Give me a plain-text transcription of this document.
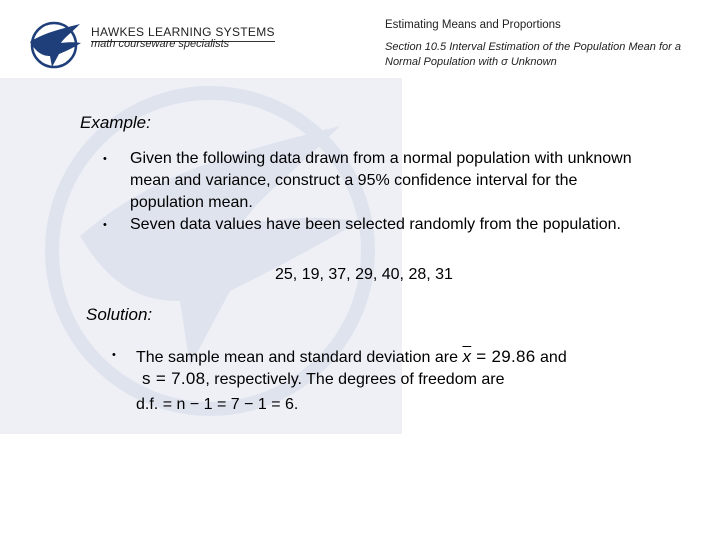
HAWKES LEARNING SYSTEMS
math courseware specialists
Estimating Means and Proportions
Section 10.5 Interval Estimation of the Population Mean for a Normal Population with σ Unknown
Example:
• Given the following data drawn from a normal population with unknown mean and variance, construct a 95% confidence interval for the population mean.
• Seven data values have been selected randomly from the population.
25, 19, 37, 29, 40, 28, 31
Solution:
• The sample mean and standard deviation are $\overline{x} = 29.86$ and
s = 7.08, respectively. The degrees of freedom are
d.f. = n − 1 = 7 − 1 = 6.
